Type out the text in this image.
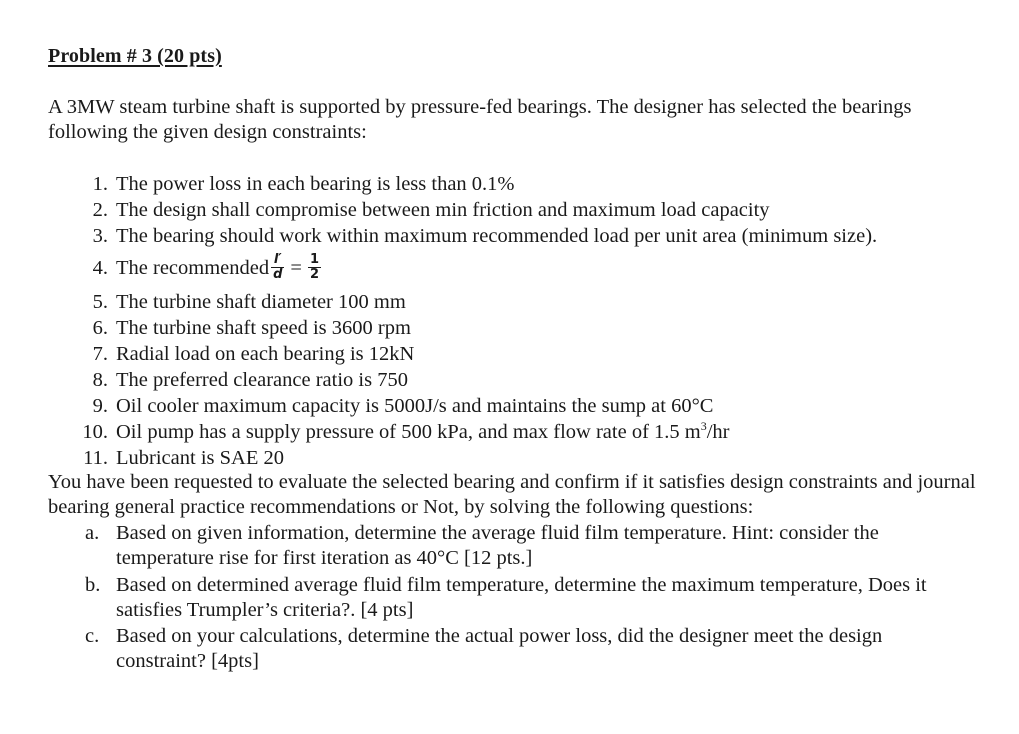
Problem # 3 (20 pts)
A 3MW steam turbine shaft is supported by pressure-fed bearings. The designer has selected the bearings following the given design constraints:
1. The power loss in each bearing is less than 0.1%
2. The design shall compromise between min friction and maximum load capacity
3. The bearing should work within maximum recommended load per unit area (minimum size).
4. The recommended $\frac{l'}{d} = \frac{1}{2}$
5. The turbine shaft diameter 100 mm
6. The turbine shaft speed is 3600 rpm
7. Radial load on each bearing is 12kN
8. The preferred clearance ratio is 750
9. Oil cooler maximum capacity is 5000J/s and maintains the sump at 60°C
10. Oil pump has a supply pressure of 500 kPa, and max flow rate of 1.5 $m^3/hr$
11. Lubricant is SAE 20
You have been requested to evaluate the selected bearing and confirm if it satisfies design constraints and journal bearing general practice recommendations or Not, by solving the following questions:
a. Based on given information, determine the average fluid film temperature. Hint: consider the temperature rise for first iteration as 40°C [12 pts.]
b. Based on determined average fluid film temperature, determine the maximum temperature, Does it satisfies Trumpler’s criteria?. [4 pts]
c. Based on your calculations, determine the actual power loss, did the designer meet the design constraint? [4pts]
